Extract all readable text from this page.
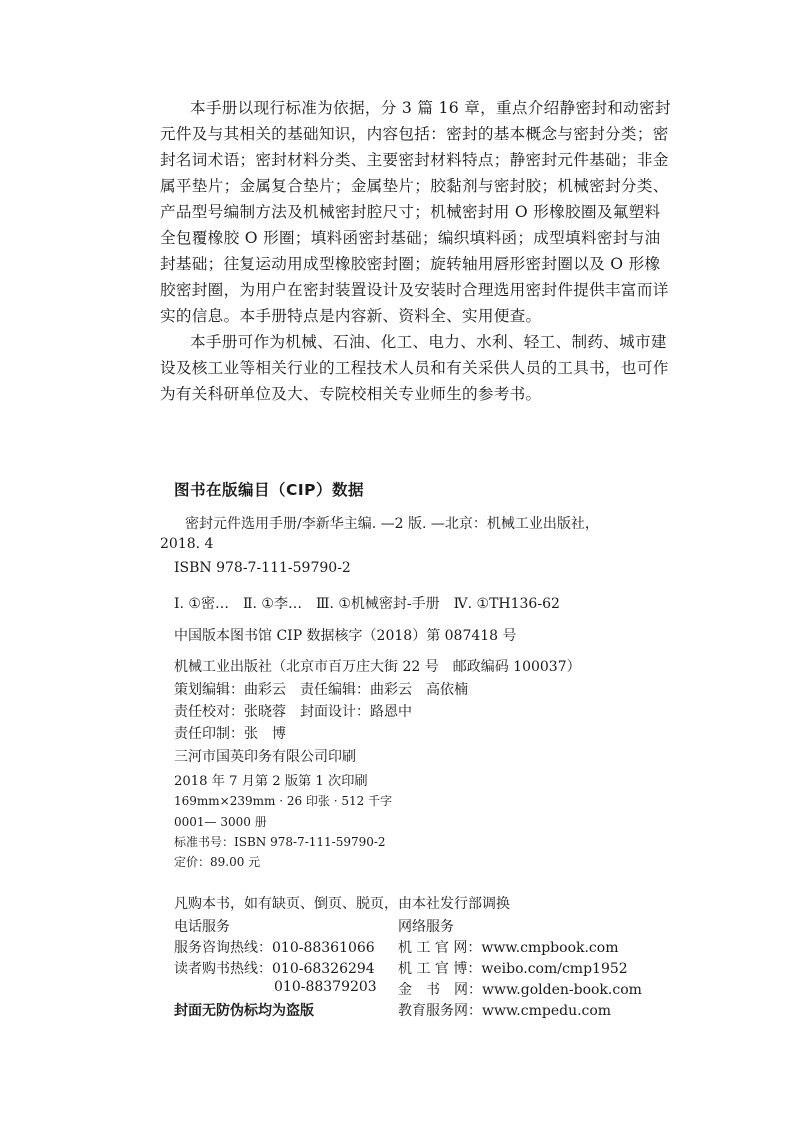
本手册以现行标准为依据，分 3 篇 16 章，重点介绍静密封和动密封
元件及与其相关的基础知识，内容包括：密封的基本概念与密封分类；密
封名词术语；密封材料分类、主要密封材料特点；静密封元件基础；非金
属平垫片；金属复合垫片；金属垫片；胶黏剂与密封胶；机械密封分类、
产品型号编制方法及机械密封腔尺寸；机械密封用 O 形橡胶圈及氟塑料
全包覆橡胶 O 形圈；填料函密封基础；编织填料函；成型填料密封与油
封基础；往复运动用成型橡胶密封圈；旋转轴用唇形密封圈以及 O 形橡
胶密封圈，为用户在密封装置设计及安装时合理选用密封件提供丰富而详
实的信息。本手册特点是内容新、资料全、实用便查。
本手册可作为机械、石油、化工、电力、水利、轻工、制药、城市建
设及核工业等相关行业的工程技术人员和有关采供人员的工具书，也可作
为有关科研单位及大、专院校相关专业师生的参考书。
图书在版编目（CIP）数据
密封元件选用手册/李新华主编. —2 版. —北京：机械工业出版社，
2018. 4
ISBN 978-7-111-59790-2
Ⅰ. ①密…　Ⅱ. ①李…　Ⅲ. ①机械密封-手册　Ⅳ. ①TH136-62
中国版本图书馆 CIP 数据核字（2018）第 087418 号
机械工业出版社（北京市百万庄大街 22 号　邮政编码 100037）
策划编辑：曲彩云　责任编辑：曲彩云　高依楠
责任校对：张晓蓉　封面设计：路恩中
责任印制：张　博
三河市国英印务有限公司印刷
2018 年 7 月第 2 版第 1 次印刷
169mm×239mm · 26 印张 · 512 千字
0001— 3000 册
标准书号：ISBN 978-7-111-59790-2
定价：89.00 元
凡购本书，如有缺页、倒页、脱页，由本社发行部调换
电话服务	网络服务
服务咨询热线：010-88361066 机 工 官 网：www.cmpbook.com
读者购书热线：010-68326294 机 工 官 博：weibo.com/cmp1952
010-88379203 金　书　网：www.golden-book.com
封面无防伪标均为盗版	教育服务网：www.cmpedu.com
